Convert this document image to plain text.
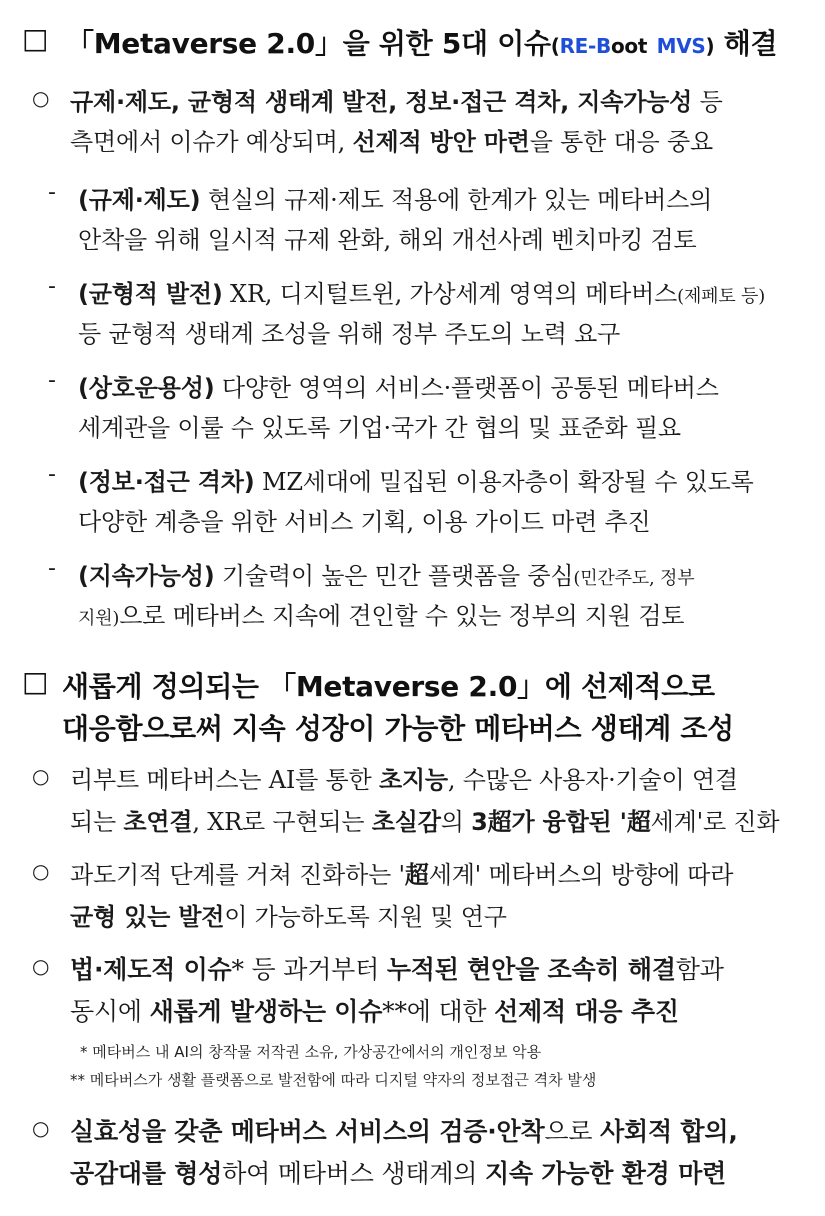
□ 「Metaverse 2.0」을 위한 5대 이슈(RE-Boot MVS) 해결
○ 규제·제도, 균형적 생태계 발전, 정보·접근 격차, 지속가능성 등
측면에서 이슈가 예상되며, 선제적 방안 마련을 통한 대응 중요
- (규제·제도) 현실의 규제·제도 적용에 한계가 있는 메타버스의
안착을 위해 일시적 규제 완화, 해외 개선사례 벤치마킹 검토
- (균형적 발전) XR, 디지털트윈, 가상세계 영역의 메타버스(제페토 등)
등 균형적 생태계 조성을 위해 정부 주도의 노력 요구
- (상호운용성) 다양한 영역의 서비스·플랫폼이 공통된 메타버스
세계관을 이룰 수 있도록 기업·국가 간 협의 및 표준화 필요
- (정보·접근 격차) MZ세대에 밀집된 이용자층이 확장될 수 있도록
다양한 계층을 위한 서비스 기획, 이용 가이드 마련 추진
- (지속가능성) 기술력이 높은 민간 플랫폼을 중심(민간주도, 정부
지원)으로 메타버스 지속에 견인할 수 있는 정부의 지원 검토
□ 새롭게 정의되는 「Metaverse 2.0」에 선제적으로
대응함으로써 지속 성장이 가능한 메타버스 생태계 조성
○ 리부트 메타버스는 AI를 통한 초지능, 수많은 사용자·기술이 연결
되는 초연결, XR로 구현되는 초실감의 3超가 융합된 '超세계'로 진화
○ 과도기적 단계를 거쳐 진화하는 '超세계' 메타버스의 방향에 따라
균형 있는 발전이 가능하도록 지원 및 연구
○ 법·제도적 이슈* 등 과거부터 누적된 현안을 조속히 해결함과
동시에 새롭게 발생하는 이슈**에 대한 선제적 대응 추진
* 메타버스 내 AI의 창작물 저작권 소유, 가상공간에서의 개인정보 악용
** 메타버스가 생활 플랫폼으로 발전함에 따라 디지털 약자의 정보접근 격차 발생
○ 실효성을 갖춘 메타버스 서비스의 검증·안착으로 사회적 합의,
공감대를 형성하여 메타버스 생태계의 지속 가능한 환경 마련
